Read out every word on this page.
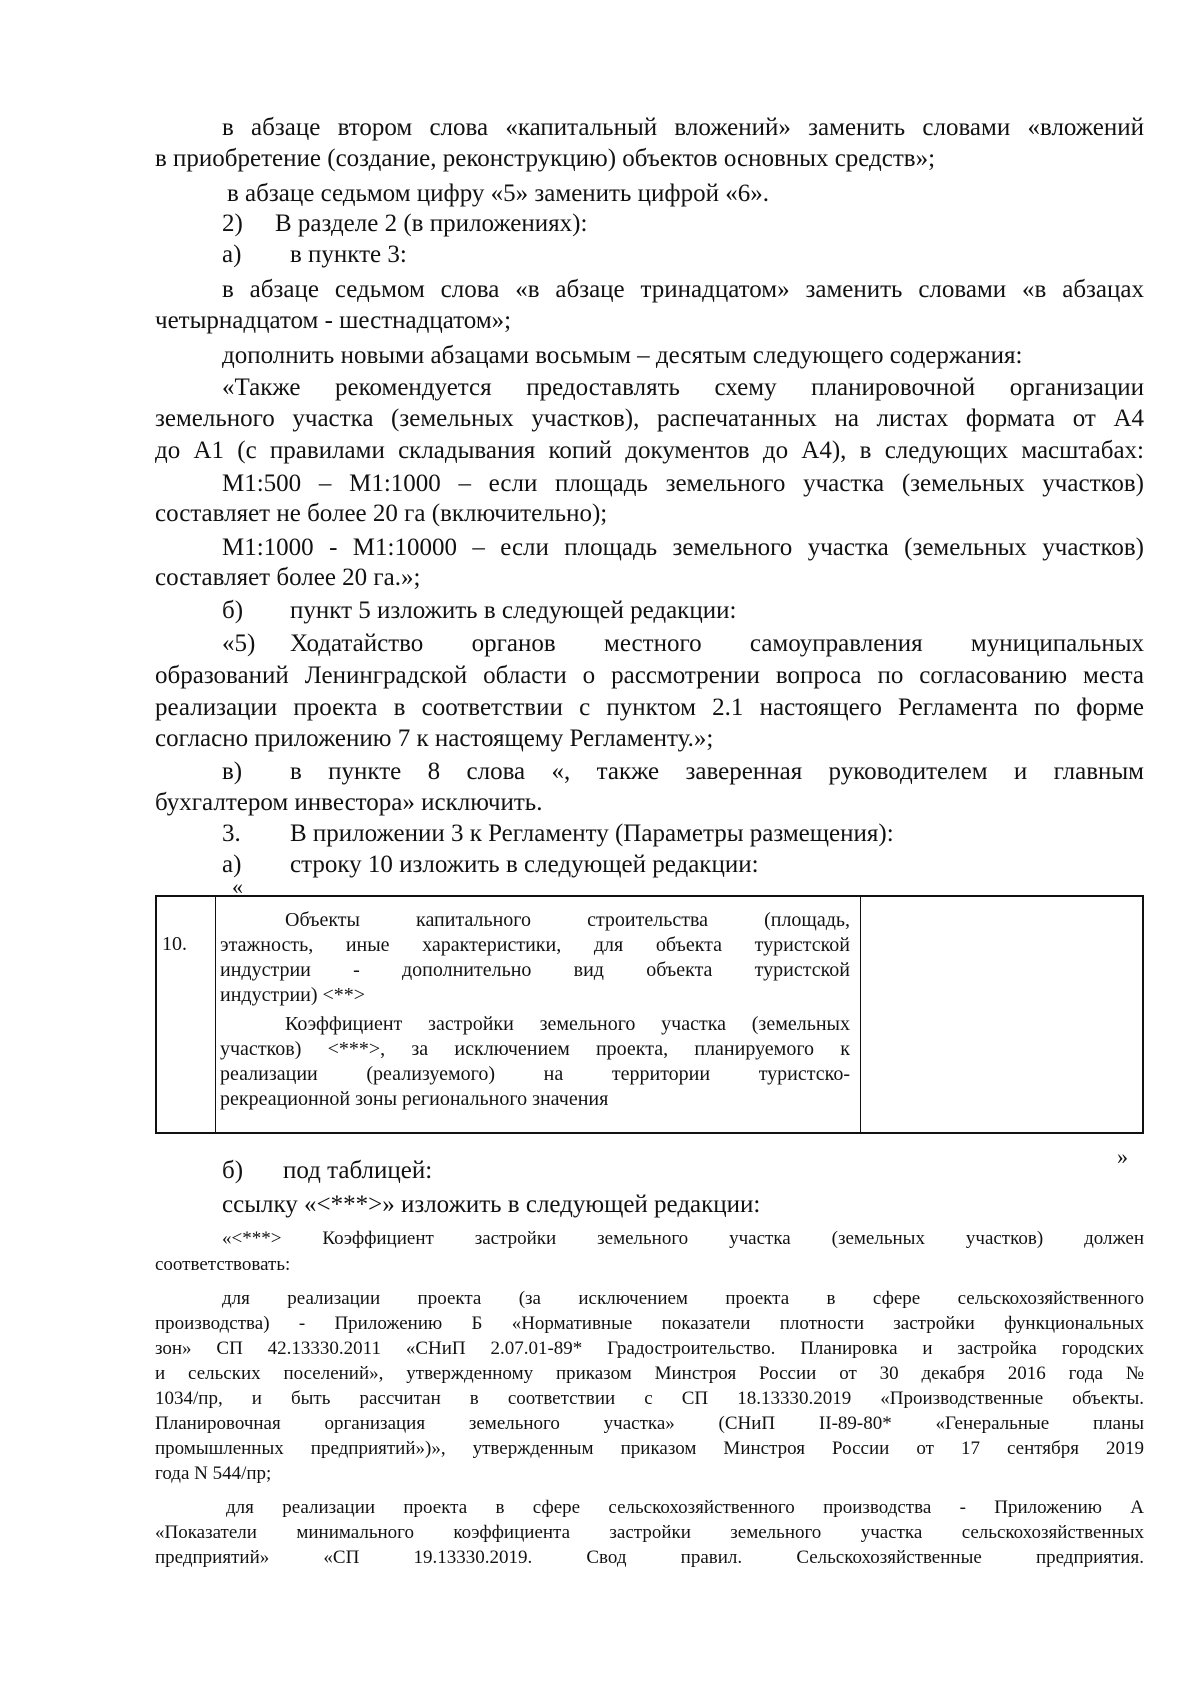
в абзаце втором слова «капитальный вложений» заменить словами «вложений
в приобретение (создание, реконструкцию) объектов основных средств»;
в абзаце седьмом цифру «5» заменить цифрой «6».
2) В разделе 2 (в приложениях):
а) в пункте 3:
в абзаце седьмом слова «в абзаце тринадцатом» заменить словами «в абзацах
четырнадцатом - шестнадцатом»;
дополнить новыми абзацами восьмым – десятым следующего содержания:
«Также рекомендуется предоставлять схему планировочной организации
земельного участка (земельных участков), распечатанных на листах формата от А4
до А1 (с правилами складывания копий документов до А4), в следующих масштабах:
М1:500 – М1:1000 – если площадь земельного участка (земельных участков)
составляет не более 20 га (включительно);
М1:1000 - М1:10000 – если площадь земельного участка (земельных участков)
составляет более 20 га.»;
б) пункт 5 изложить в следующей редакции:
«5) Ходатайство органов местного самоуправления муниципальных
образований Ленинградской области о рассмотрении вопроса по согласованию места
реализации проекта в соответствии с пунктом 2.1 настоящего Регламента по форме
согласно приложению 7 к настоящему Регламенту.»;
в) в пункте 8 слова «, также заверенная руководителем и главным
бухгалтером инвестора» исключить.
3. В приложении 3 к Регламенту (Параметры размещения):
а) строку 10 изложить в следующей редакции:
«
10.
Объекты капитального строительства (площадь,
этажность, иные характеристики, для объекта туристской
индустрии - дополнительно вид объекта туристской
индустрии) <**>
Коэффициент застройки земельного участка (земельных
участков) <***>, за исключением проекта, планируемого к
реализации (реализуемого) на территории туристско-
рекреационной зоны регионального значения
»
б) под таблицей:
ссылку «<***>» изложить в следующей редакции:
«<***> Коэффициент застройки земельного участка (земельных участков) должен
соответствовать:
для реализации проекта (за исключением проекта в сфере сельскохозяйственного
производства) - Приложению Б «Нормативные показатели плотности застройки функциональных
зон» СП 42.13330.2011 «СНиП 2.07.01-89* Градостроительство. Планировка и застройка городских
и сельских поселений», утвержденному приказом Минстроя России от 30 декабря 2016 года №
1034/пр, и быть рассчитан в соответствии с СП 18.13330.2019 «Производственные объекты.
Планировочная организация земельного участка» (СНиП II-89-80* «Генеральные планы
промышленных предприятий»)», утвержденным приказом Минстроя России от 17 сентября 2019
года N 544/пр;
для реализации проекта в сфере сельскохозяйственного производства - Приложению А
«Показатели минимального коэффициента застройки земельного участка сельскохозяйственных
предприятий» «СП 19.13330.2019. Свод правил. Сельскохозяйственные предприятия.
